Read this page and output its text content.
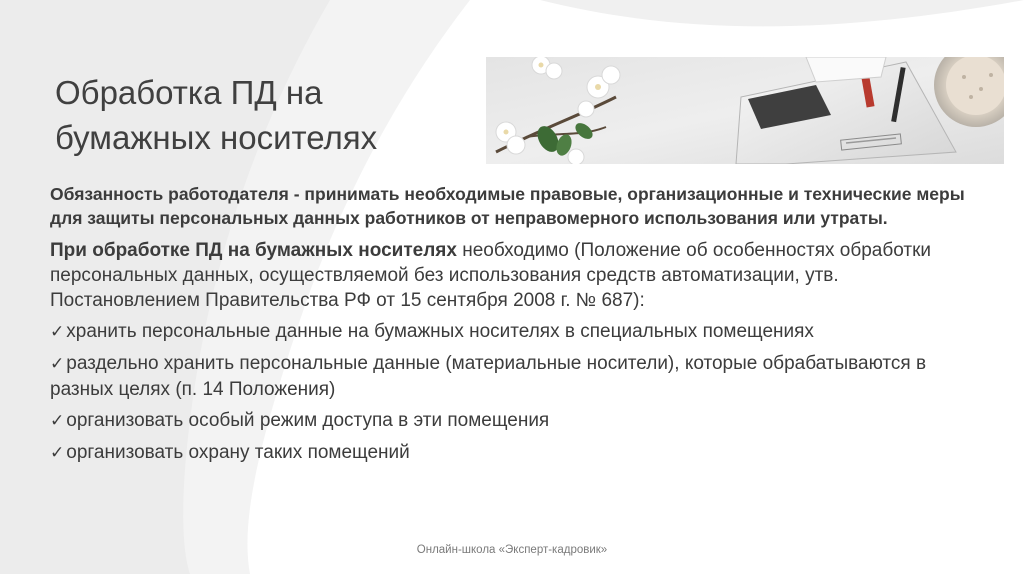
Обработка ПД на
бумажных носителях

Обязанность работодателя - принимать необходимые правовые, организационные и технические меры для защиты персональных данных работников от неправомерного использования или утраты.

При обработке ПД на бумажных носителях необходимо (Положение об особенностях обработки персональных данных, осуществляемой без использования средств автоматизации, утв. Постановлением Правительства РФ от 15 сентября 2008 г. № 687):

✓ хранить персональные данные на бумажных носителях в специальных помещениях

✓ раздельно хранить персональные данные (материальные носители), которые обрабатываются в разных целях (п. 14 Положения)

✓ организовать особый режим доступа в эти помещения

✓ организовать охрану таких помещений

Онлайн-школа «Эксперт-кадровик»
